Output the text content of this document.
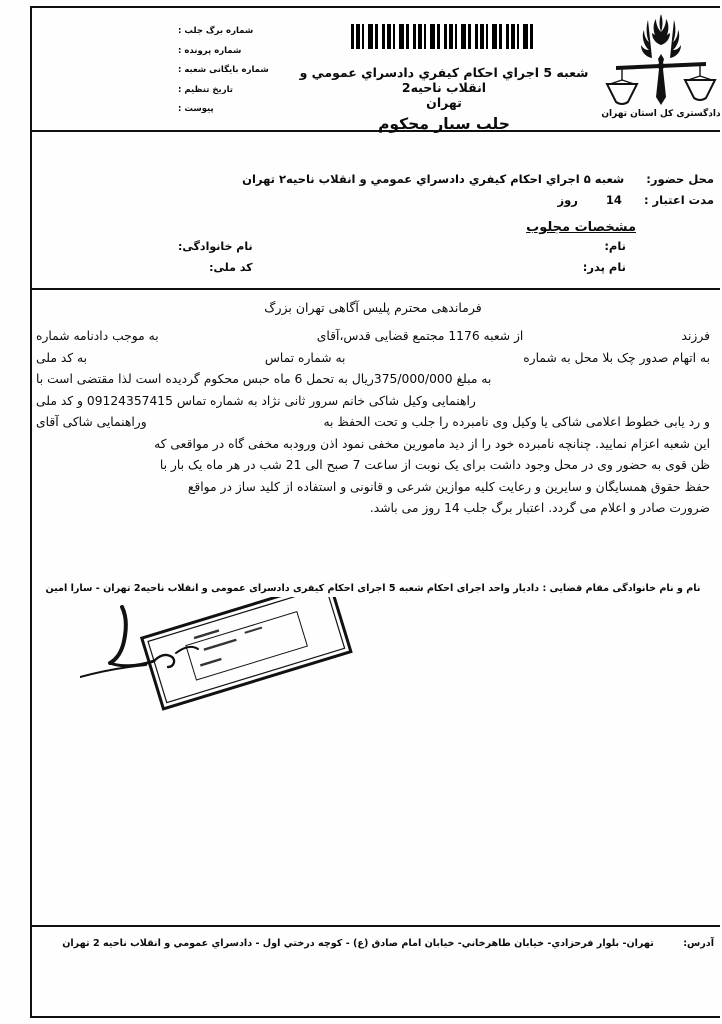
شماره برگ جلب :
شماره پرونده :
شماره بایگانی شعبه :
تاریخ تنظیم :
پیوست :
شعبه 5 اجراي احكام كيفري دادسراي عمومي و انقلاب ناحيه2
تهران
جلب سیار محکوم
دادگستری کل استان تهران
محل حضور: شعبه ۵ اجراي احكام كيفري دادسراي عمومي و انقلاب ناحيه۲ تهران
مدت اعتبار : 14 روز
مشخصات مجلوب
نام:
نام پدر:
نام خانوادگی:
کد ملی:
فرماندهی محترم پلیس آگاهی تهران بزرگ
فرزند
از شعبه 1176 مجتمع قضایی قدس،آقای
به موجب دادنامه شماره
به اتهام صدور چک بلا محل به شماره
به شماره تماس
به کد ملی
به مبلغ 375/000/000ریال به تحمل 6 ماه حبس محکوم گردیده است لذا مقتضی است با
راهنمایی وکیل شاکی خانم سرور ثانی نژاد به شماره تماس 09124357415 و کد ملی
و رد یابی خطوط اعلامی شاکی یا وکیل وی نامبرده را جلب و تحت الحفظ به
وراهنمایی شاکی آقای
این شعبه اعزام نمایید. چنانچه نامبرده خود را از دید مامورین مخفی نمود اذن ورودبه مخفی گاه در مواقعی که
ظن قوی به حضور وی در محل وجود داشت برای یک نوبت از ساعت 7 صبح الی 21 شب در هر ماه یک بار با
حفظ حقوق همسایگان و سایرین و رعایت کلیه موازین شرعی و قانونی و استفاده از کلید ساز در مواقع
ضرورت صادر و اعلام می گردد. اعتبار برگ جلب 14 روز می باشد.
نام و نام خانوادگی مقام قضایی : دادیار واحد اجرای احکام شعبه 5 اجرای احکام کیفری دادسرای عمومی و انقلاب ناحیه2 تهران - سارا امین
آدرس: تهران- بلوار فرحزادي- خيابان طاهرخاني- خيابان امام صادق (ع) - كوچه درختي اول - دادسراي عمومي و انقلاب ناحيه 2 تهران
